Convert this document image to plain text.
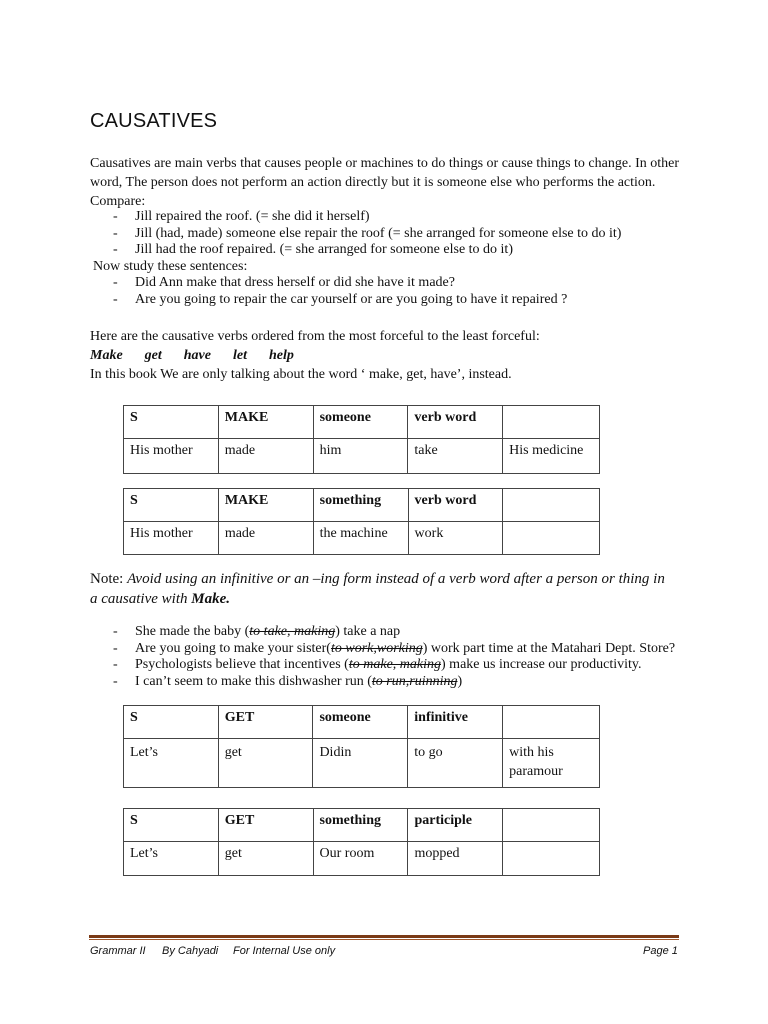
CAUSATIVES

Causatives are main verbs that causes people or machines to do things or cause things to change. In other
word, The person does not perform an action directly but it is someone else who performs the action.
Compare:

- Jill repaired the roof. (= she did it herself)
- Jill (had, made) someone else repair the roof (= she arranged for someone else to do it)
- Jill had the roof repaired. (= she arranged for someone else to do it)
Now study these sentences:
- Did Ann make that dress herself or did she have it made?
- Are you going to repair the car yourself or are you going to have it repaired ?
Here are the causative verbs ordered from the most forceful to the least forceful:
Make    get    have    let    help
In this book We are only talking about the word ‘ make, get, have’, instead.
S	MAKE	someone	verb word	
His mother	made	him	take	His medicine
S	MAKE	something	verb word	
His mother	made	the machine	work	
Note: Avoid using an infinitive or an –ing form instead of a verb word after a person or thing in
a causative with Make.
- She made the baby (to take, making) take a nap
- Are you going to make your sister(to work,working) work part time at the Matahari Dept. Store?
- Psychologists believe that incentives (to make, making) make us increase our productivity.
- I can’t seem to make this dishwasher run (to run,ruinning)
S	GET	someone	infinitive	
Let’s	get	Didin	to go	with his paramour
S	GET	something	participle	
Let’s	get	Our room	mopped	
Grammar II By Cahyadi For Internal Use only	Page 1
